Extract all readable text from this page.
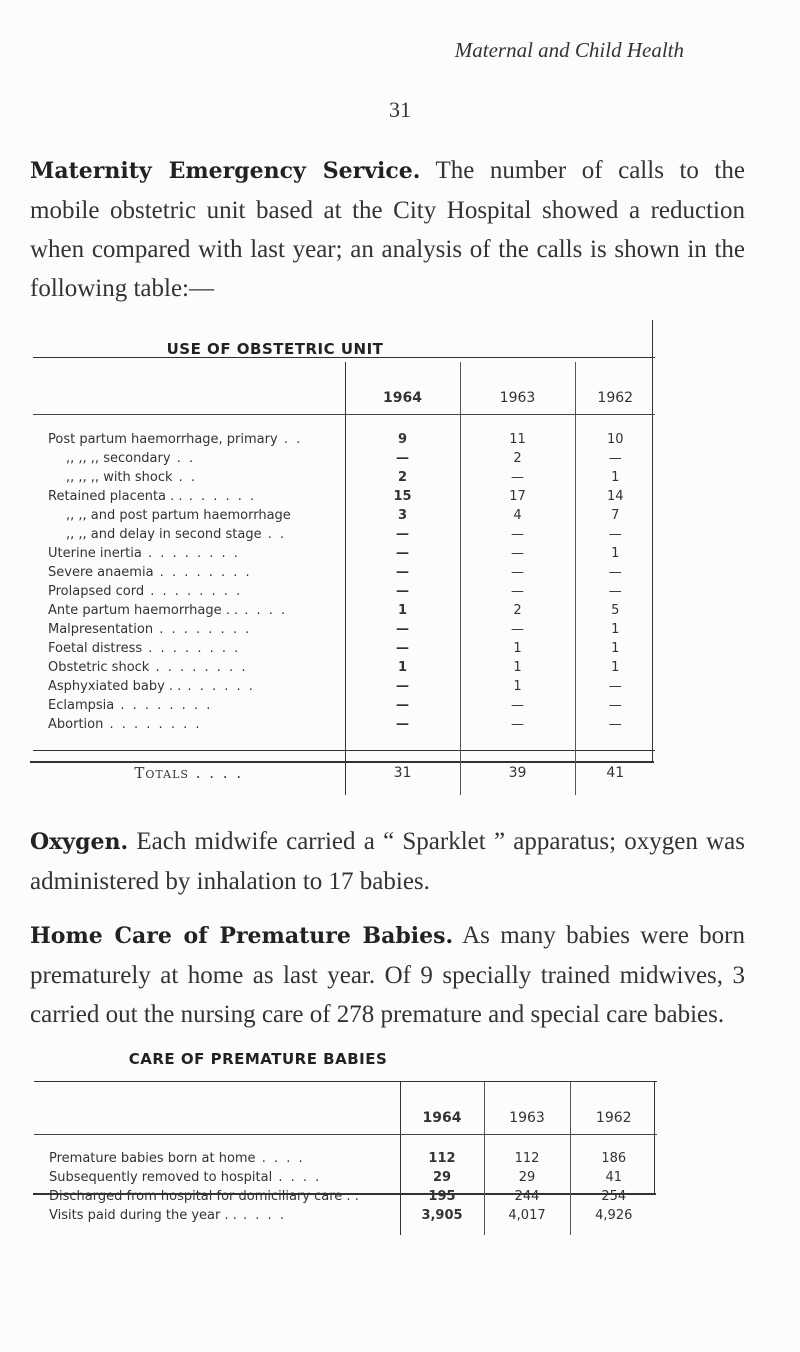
Maternal and Child Health
31
Maternity Emergency Service. The number of calls to the mobile obstetric unit based at the City Hospital showed a reduction when compared with last year; an analysis of the calls is shown in the following table:—
USE OF OBSTETRIC UNIT
	1964	1963	1962
Post partum haemorrhage, primary . .	9	11	10
,, ,, ,, secondary . .	—	2	—
,, ,, ,, with shock . .	2	—	1
Retained placenta . . . . . . . .	15	17	14
,, ,, and post partum haemorrhage	3	4	7
,, ,, and delay in second stage . .	—	—	—
Uterine inertia . . . . . . . .	—	—	1
Severe anaemia . . . . . . . .	—	—	—
Prolapsed cord . . . . . . . .	—	—	—
Ante partum haemorrhage . . . . . .	1	2	5
Malpresentation . . . . . . . .	—	—	1
Foetal distress . . . . . . . .	—	1	1
Obstetric shock . . . . . . . .	1	1	1
Asphyxiated baby . . . . . . . .	—	1	—
Eclampsia . . . . . . . .	—	—	—
Abortion . . . . . . . .	—	—	—
Totals . . . .	31	39	41
Oxygen. Each midwife carried a “ Sparklet ” apparatus; oxygen was administered by inhalation to 17 babies.
Home Care of Premature Babies. As many babies were born prematurely at home as last year. Of 9 specially trained midwives, 3 carried out the nursing care of 278 premature and special care babies.
CARE OF PREMATURE BABIES
	1964	1963	1962
Premature babies born at home . . . .	112	112	186
Subsequently removed to hospital . . . .	29	29	41
Discharged from hospital for domiciliary care . .	195	244	254
Visits paid during the year . . . . . .	3,905	4,017	4,926
